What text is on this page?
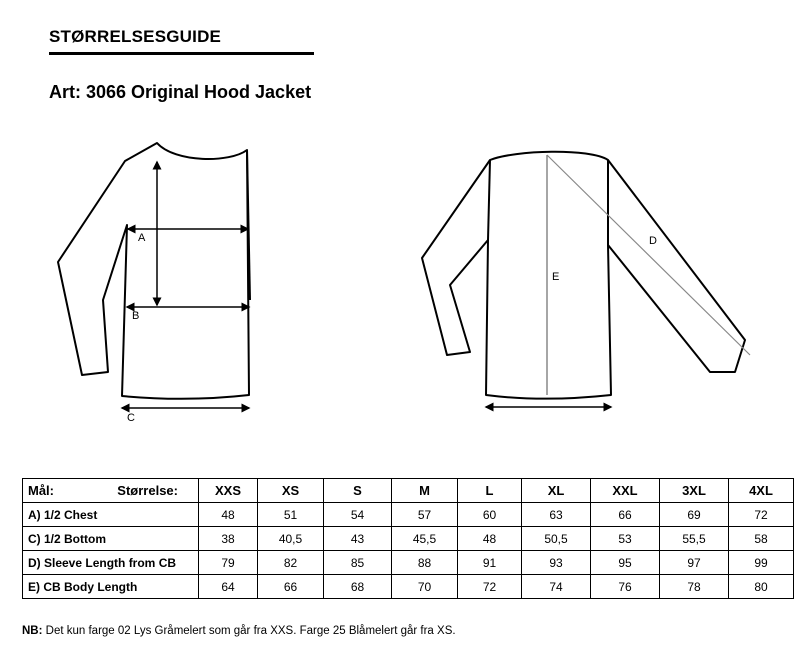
STØRRELSESGUIDE
Art: 3066 Original Hood Jacket
A
B
C
E
D
Mål: Størrelse:	XXS	XS	S	M	L	XL	XXL	3XL	4XL
A) 1/2 Chest	48	51	54	57	60	63	66	69	72
C) 1/2 Bottom	38	40,5	43	45,5	48	50,5	53	55,5	58
D) Sleeve Length from CB	79	82	85	88	91	93	95	97	99
E) CB Body Length	64	66	68	70	72	74	76	78	80
NB: Det kun farge 02 Lys Gråmelert som går fra XXS. Farge 25 Blåmelert går fra XS.
